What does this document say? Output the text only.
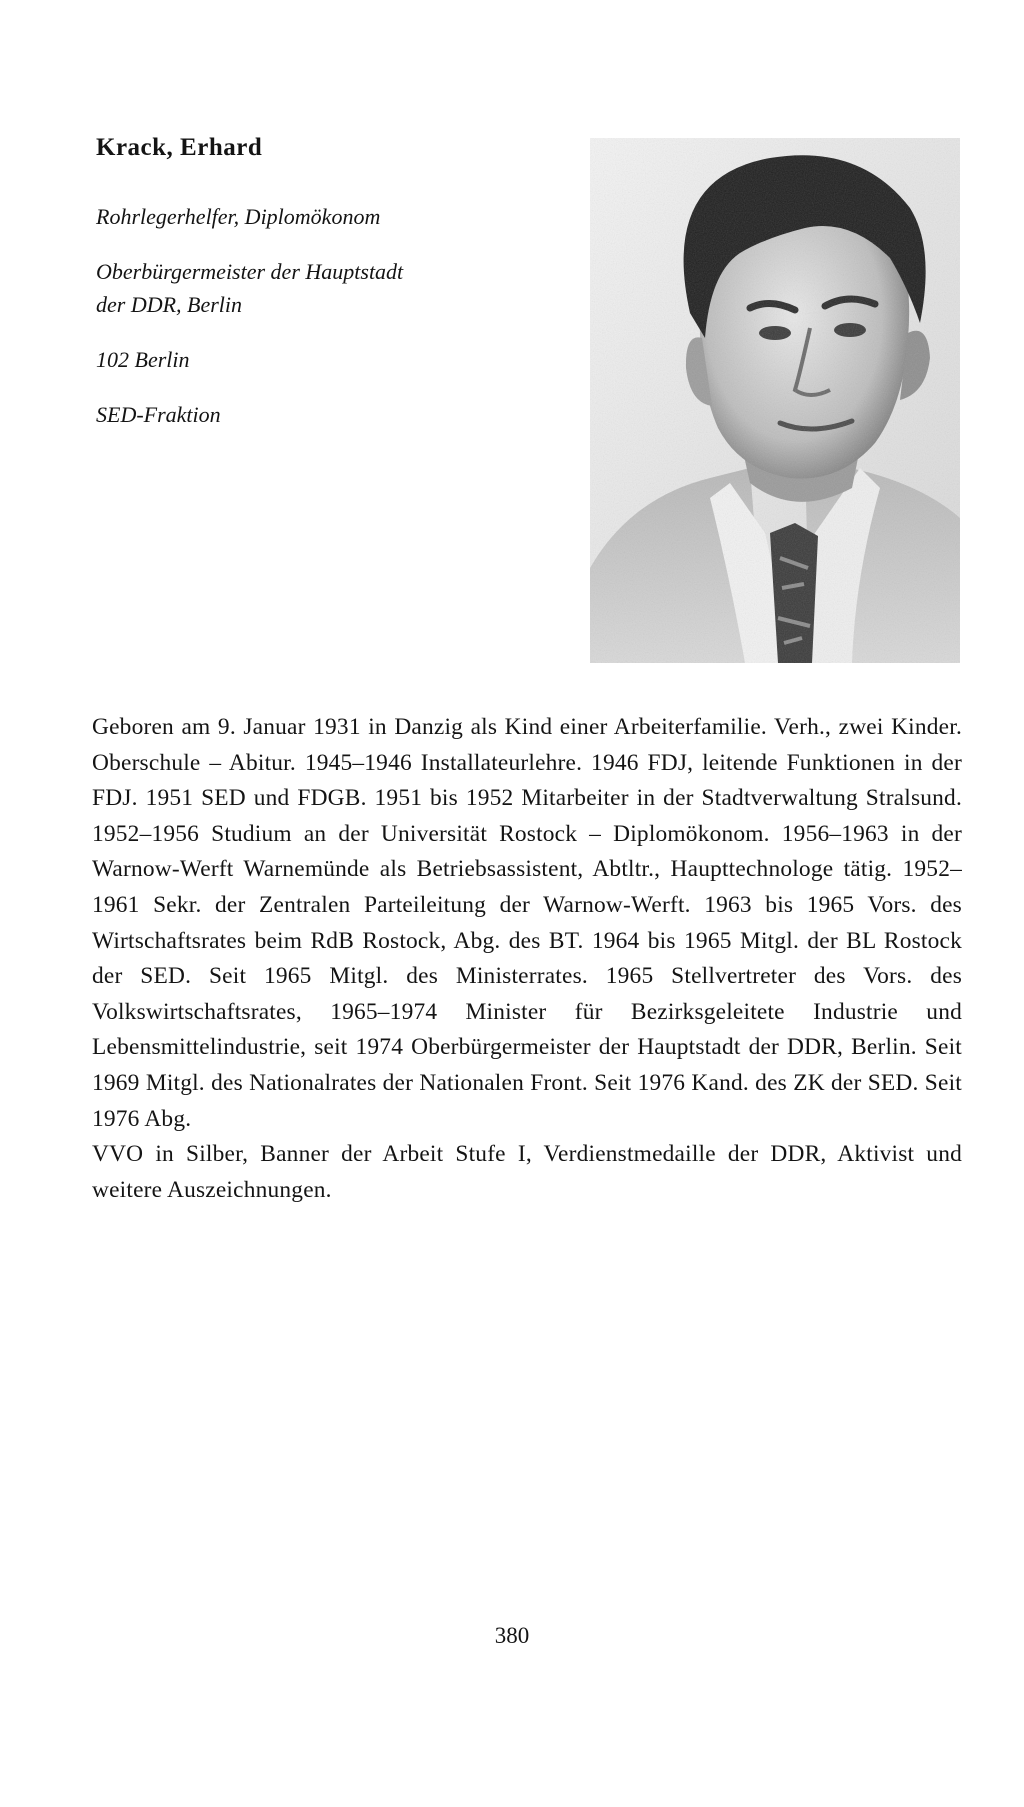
Krack, Erhard
Rohrlegerhelfer, Diplomökonom
Oberbürgermeister der Hauptstadt
der DDR, Berlin
102 Berlin
SED-Fraktion

Geboren am 9. Januar 1931 in Danzig als Kind einer Arbeiterfamilie. Verh., zwei Kinder. Oberschule – Abitur. 1945–1946 Installateurlehre. 1946 FDJ, leitende Funktionen in der FDJ. 1951 SED und FDGB. 1951 bis 1952 Mitarbeiter in der Stadtverwaltung Stralsund. 1952–1956 Studium an der Universität Rostock – Diplomökonom. 1956–1963 in der Warnow-Werft Warnemünde als Betriebsassistent, Abtltr., Haupttechnologe tätig. 1952–1961 Sekr. der Zentralen Parteileitung der Warnow-Werft. 1963 bis 1965 Vors. des Wirtschaftsrates beim RdB Rostock, Abg. des BT. 1964 bis 1965 Mitgl. der BL Rostock der SED. Seit 1965 Mitgl. des Ministerrates. 1965 Stellvertreter des Vors. des Volkswirtschaftsrates, 1965–1974 Minister für Bezirksgeleitete Industrie und Lebensmittelindustrie, seit 1974 Oberbürgermeister der Hauptstadt der DDR, Berlin. Seit 1969 Mitgl. des Nationalrates der Nationalen Front. Seit 1976 Kand. des ZK der SED. Seit 1976 Abg.

VVO in Silber, Banner der Arbeit Stufe I, Verdienstmedaille der DDR, Aktivist und weitere Auszeichnungen.

380
